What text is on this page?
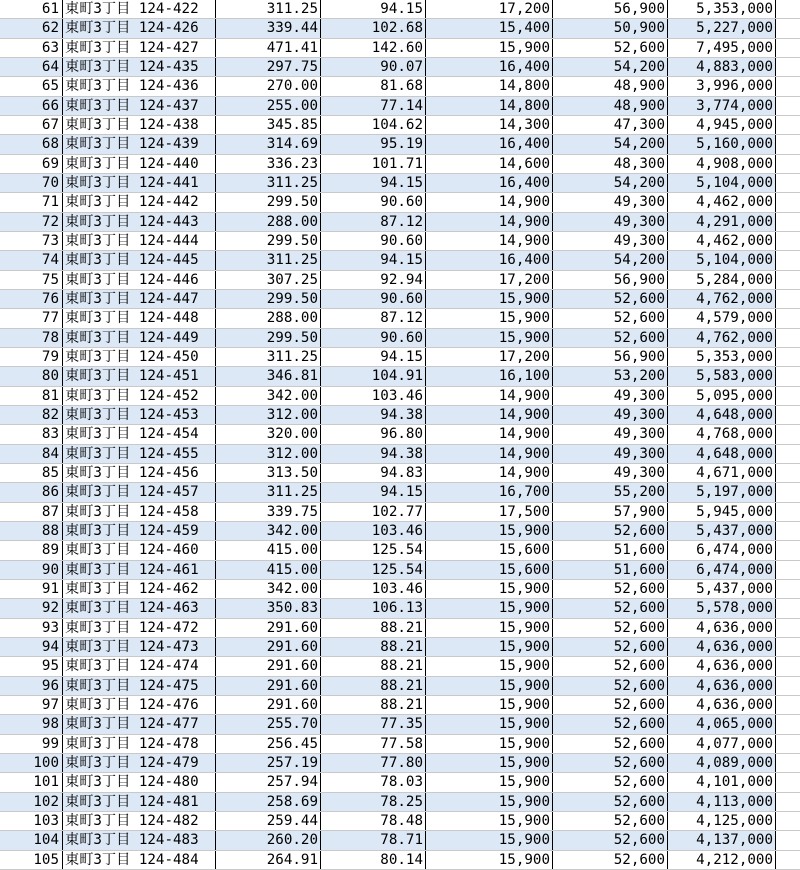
61 東町3丁目 124-422	311.25	94.15	17,200	56,900	5,353,000
62 東町3丁目 124-426	339.44	102.68	15,400	50,900	5,227,000
63 東町3丁目 124-427	471.41	142.60	15,900	52,600	7,495,000
64 東町3丁目 124-435	297.75	90.07	16,400	54,200	4,883,000
65 東町3丁目 124-436	270.00	81.68	14,800	48,900	3,996,000
66 東町3丁目 124-437	255.00	77.14	14,800	48,900	3,774,000
67 東町3丁目 124-438	345.85	104.62	14,300	47,300	4,945,000
68 東町3丁目 124-439	314.69	95.19	16,400	54,200	5,160,000
69 東町3丁目 124-440	336.23	101.71	14,600	48,300	4,908,000
70 東町3丁目 124-441	311.25	94.15	16,400	54,200	5,104,000
71 東町3丁目 124-442	299.50	90.60	14,900	49,300	4,462,000
72 東町3丁目 124-443	288.00	87.12	14,900	49,300	4,291,000
73 東町3丁目 124-444	299.50	90.60	14,900	49,300	4,462,000
74 東町3丁目 124-445	311.25	94.15	16,400	54,200	5,104,000
75 東町3丁目 124-446	307.25	92.94	17,200	56,900	5,284,000
76 東町3丁目 124-447	299.50	90.60	15,900	52,600	4,762,000
77 東町3丁目 124-448	288.00	87.12	15,900	52,600	4,579,000
78 東町3丁目 124-449	299.50	90.60	15,900	52,600	4,762,000
79 東町3丁目 124-450	311.25	94.15	17,200	56,900	5,353,000
80 東町3丁目 124-451	346.81	104.91	16,100	53,200	5,583,000
81 東町3丁目 124-452	342.00	103.46	14,900	49,300	5,095,000
82 東町3丁目 124-453	312.00	94.38	14,900	49,300	4,648,000
83 東町3丁目 124-454	320.00	96.80	14,900	49,300	4,768,000
84 東町3丁目 124-455	312.00	94.38	14,900	49,300	4,648,000
85 東町3丁目 124-456	313.50	94.83	14,900	49,300	4,671,000
86 東町3丁目 124-457	311.25	94.15	16,700	55,200	5,197,000
87 東町3丁目 124-458	339.75	102.77	17,500	57,900	5,945,000
88 東町3丁目 124-459	342.00	103.46	15,900	52,600	5,437,000
89 東町3丁目 124-460	415.00	125.54	15,600	51,600	6,474,000
90 東町3丁目 124-461	415.00	125.54	15,600	51,600	6,474,000
91 東町3丁目 124-462	342.00	103.46	15,900	52,600	5,437,000
92 東町3丁目 124-463	350.83	106.13	15,900	52,600	5,578,000
93 東町3丁目 124-472	291.60	88.21	15,900	52,600	4,636,000
94 東町3丁目 124-473	291.60	88.21	15,900	52,600	4,636,000
95 東町3丁目 124-474	291.60	88.21	15,900	52,600	4,636,000
96 東町3丁目 124-475	291.60	88.21	15,900	52,600	4,636,000
97 東町3丁目 124-476	291.60	88.21	15,900	52,600	4,636,000
98 東町3丁目 124-477	255.70	77.35	15,900	52,600	4,065,000
99 東町3丁目 124-478	256.45	77.58	15,900	52,600	4,077,000
100 東町3丁目 124-479	257.19	77.80	15,900	52,600	4,089,000
101 東町3丁目 124-480	257.94	78.03	15,900	52,600	4,101,000
102 東町3丁目 124-481	258.69	78.25	15,900	52,600	4,113,000
103 東町3丁目 124-482	259.44	78.48	15,900	52,600	4,125,000
104 東町3丁目 124-483	260.20	78.71	15,900	52,600	4,137,000
105 東町3丁目 124-484	264.91	80.14	15,900	52,600	4,212,000
